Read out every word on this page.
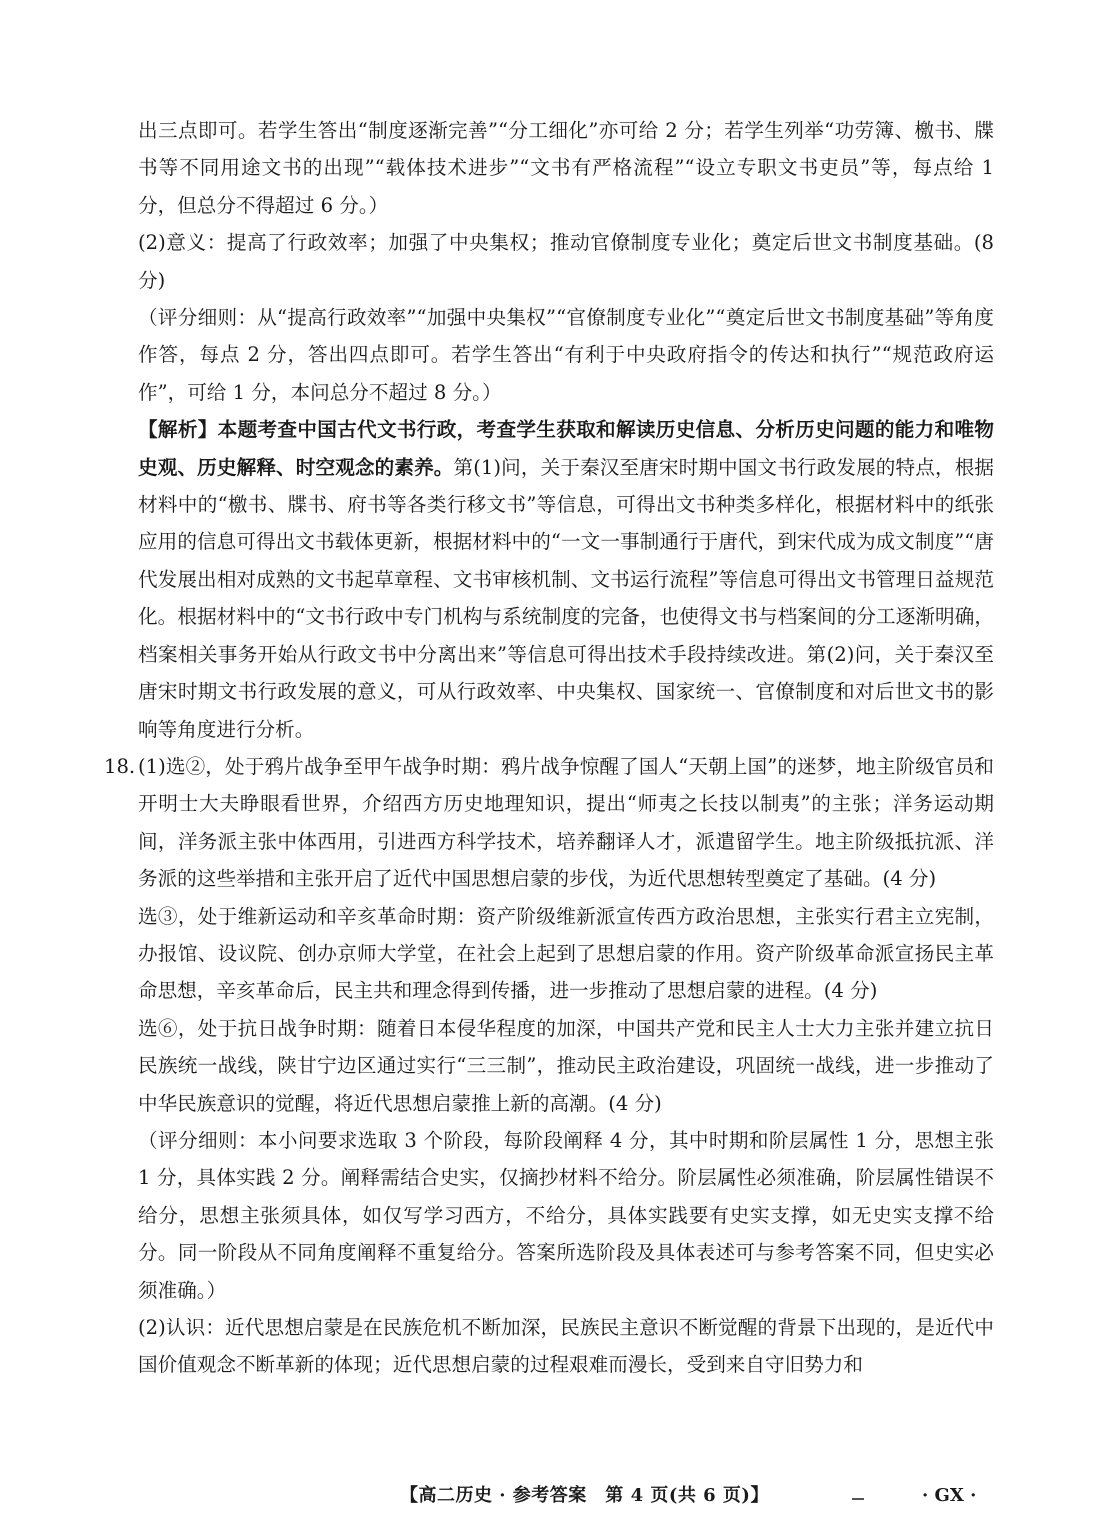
出三点即可。若学生答出“制度逐渐完善”“分工细化”亦可给 2 分；若学生列举“功劳簿、檄书、牒书等不同用途文书的出现”“载体技术进步”“文书有严格流程”“设立专职文书吏员”等，每点给 1 分，但总分不得超过 6 分。）

(2)意义：提高了行政效率；加强了中央集权；推动官僚制度专业化；奠定后世文书制度基础。(8 分)

（评分细则：从“提高行政效率”“加强中央集权”“官僚制度专业化”“奠定后世文书制度基础”等角度作答，每点 2 分，答出四点即可。若学生答出“有利于中央政府指令的传达和执行”“规范政府运作”，可给 1 分，本问总分不超过 8 分。）

【解析】本题考查中国古代文书行政，考查学生获取和解读历史信息、分析历史问题的能力和唯物史观、历史解释、时空观念的素养。第(1)问，关于秦汉至唐宋时期中国文书行政发展的特点，根据材料中的“檄书、牒书、府书等各类行移文书”等信息，可得出文书种类多样化，根据材料中的纸张应用的信息可得出文书载体更新，根据材料中的“一文一事制通行于唐代，到宋代成为成文制度”“唐代发展出相对成熟的文书起草章程、文书审核机制、文书运行流程”等信息可得出文书管理日益规范化。根据材料中的“文书行政中专门机构与系统制度的完备，也使得文书与档案间的分工逐渐明确，档案相关事务开始从行政文书中分离出来”等信息可得出技术手段持续改进。第(2)问，关于秦汉至唐宋时期文书行政发展的意义，可从行政效率、中央集权、国家统一、官僚制度和对后世文书的影响等角度进行分析。

18. (1)选②，处于鸦片战争至甲午战争时期：鸦片战争惊醒了国人“天朝上国”的迷梦，地主阶级官员和开明士大夫睁眼看世界，介绍西方历史地理知识，提出“师夷之长技以制夷”的主张；洋务运动期间，洋务派主张中体西用，引进西方科学技术，培养翻译人才，派遣留学生。地主阶级抵抗派、洋务派的这些举措和主张开启了近代中国思想启蒙的步伐，为近代思想转型奠定了基础。(4 分)

选③，处于维新运动和辛亥革命时期：资产阶级维新派宣传西方政治思想，主张实行君主立宪制，办报馆、设议院、创办京师大学堂，在社会上起到了思想启蒙的作用。资产阶级革命派宣扬民主革命思想，辛亥革命后，民主共和理念得到传播，进一步推动了思想启蒙的进程。(4 分)

选⑥，处于抗日战争时期：随着日本侵华程度的加深，中国共产党和民主人士大力主张并建立抗日民族统一战线，陕甘宁边区通过实行“三三制”，推动民主政治建设，巩固统一战线，进一步推动了中华民族意识的觉醒，将近代思想启蒙推上新的高潮。(4 分)

（评分细则：本小问要求选取 3 个阶段，每阶段阐释 4 分，其中时期和阶层属性 1 分，思想主张 1 分，具体实践 2 分。阐释需结合史实，仅摘抄材料不给分。阶层属性必须准确，阶层属性错误不给分，思想主张须具体，如仅写学习西方，不给分，具体实践要有史实支撑，如无史实支撑不给分。同一阶段从不同角度阐释不重复给分。答案所选阶段及具体表述可与参考答案不同，但史实必须准确。）

(2)认识：近代思想启蒙是在民族危机不断加深，民族民主意识不断觉醒的背景下出现的，是近代中国价值观念不断革新的体现；近代思想启蒙的过程艰难而漫长，受到来自守旧势力和

【高二历史 · 参考答案　第 4 页(共 6 页)】	· GX ·
